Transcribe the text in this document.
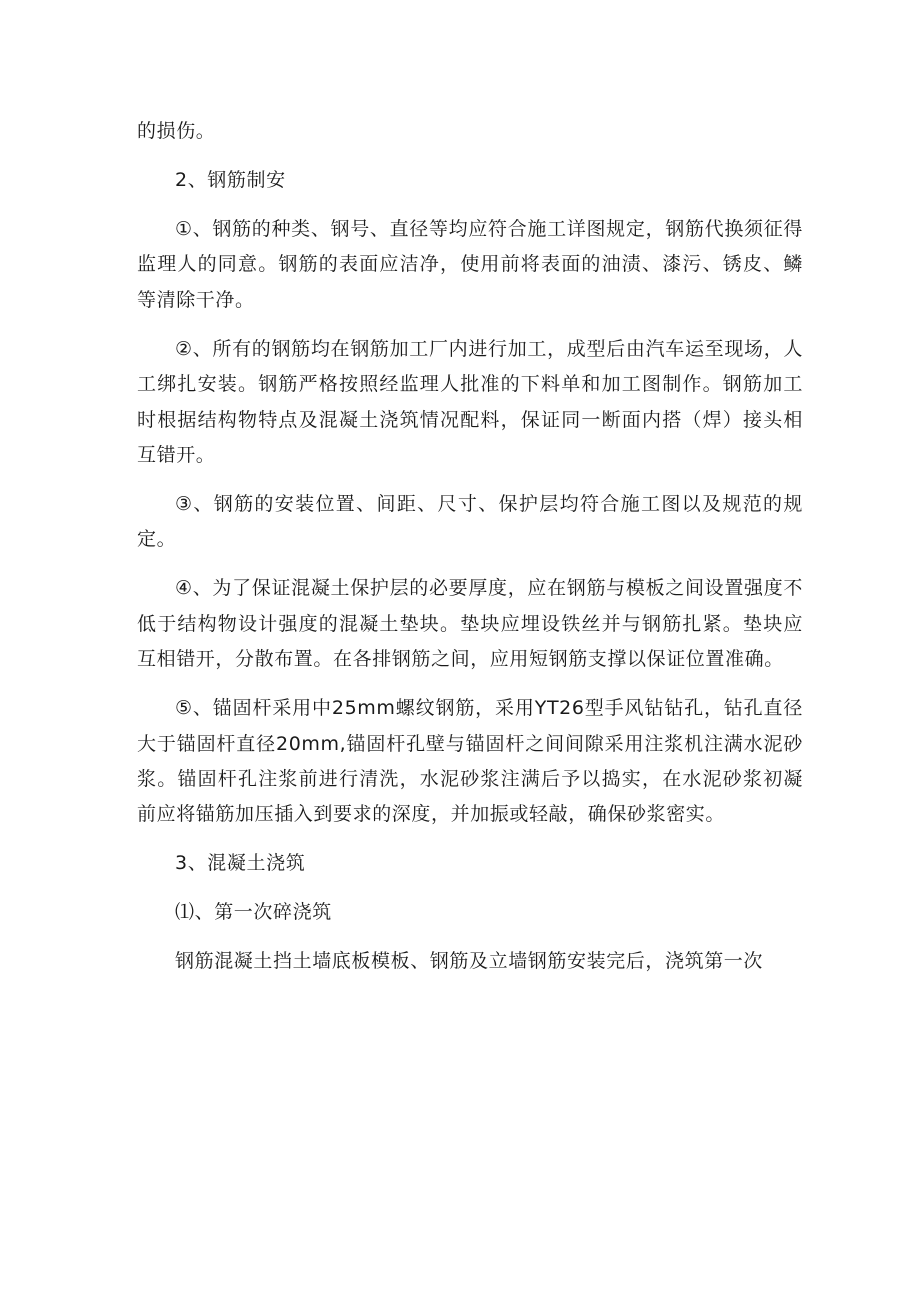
的损伤。

2、钢筋制安

①、钢筋的种类、钢号、直径等均应符合施工详图规定，钢筋代换须征得监理人的同意。钢筋的表面应洁净，使用前将表面的油渍、漆污、锈皮、鳞等清除干净。

②、所有的钢筋均在钢筋加工厂内进行加工，成型后由汽车运至现场，人工绑扎安装。钢筋严格按照经监理人批准的下料单和加工图制作。钢筋加工时根据结构物特点及混凝土浇筑情况配料，保证同一断面内搭（焊）接头相互错开。

③、钢筋的安装位置、间距、尺寸、保护层均符合施工图以及规范的规定。

④、为了保证混凝土保护层的必要厚度，应在钢筋与模板之间设置强度不低于结构物设计强度的混凝土垫块。垫块应埋设铁丝并与钢筋扎紧。垫块应互相错开，分散布置。在各排钢筋之间，应用短钢筋支撑以保证位置准确。

⑤、锚固杆采用中25mm螺纹钢筋，采用YT26型手风钻钻孔，钻孔直径大于锚固杆直径20mm,锚固杆孔壁与锚固杆之间间隙采用注浆机注满水泥砂浆。锚固杆孔注浆前进行清洗，水泥砂浆注满后予以捣实，在水泥砂浆初凝前应将锚筋加压插入到要求的深度，并加振或轻敲，确保砂浆密实。

3、混凝土浇筑

⑴、第一次碎浇筑

钢筋混凝土挡土墙底板模板、钢筋及立墙钢筋安装完后，浇筑第一次
